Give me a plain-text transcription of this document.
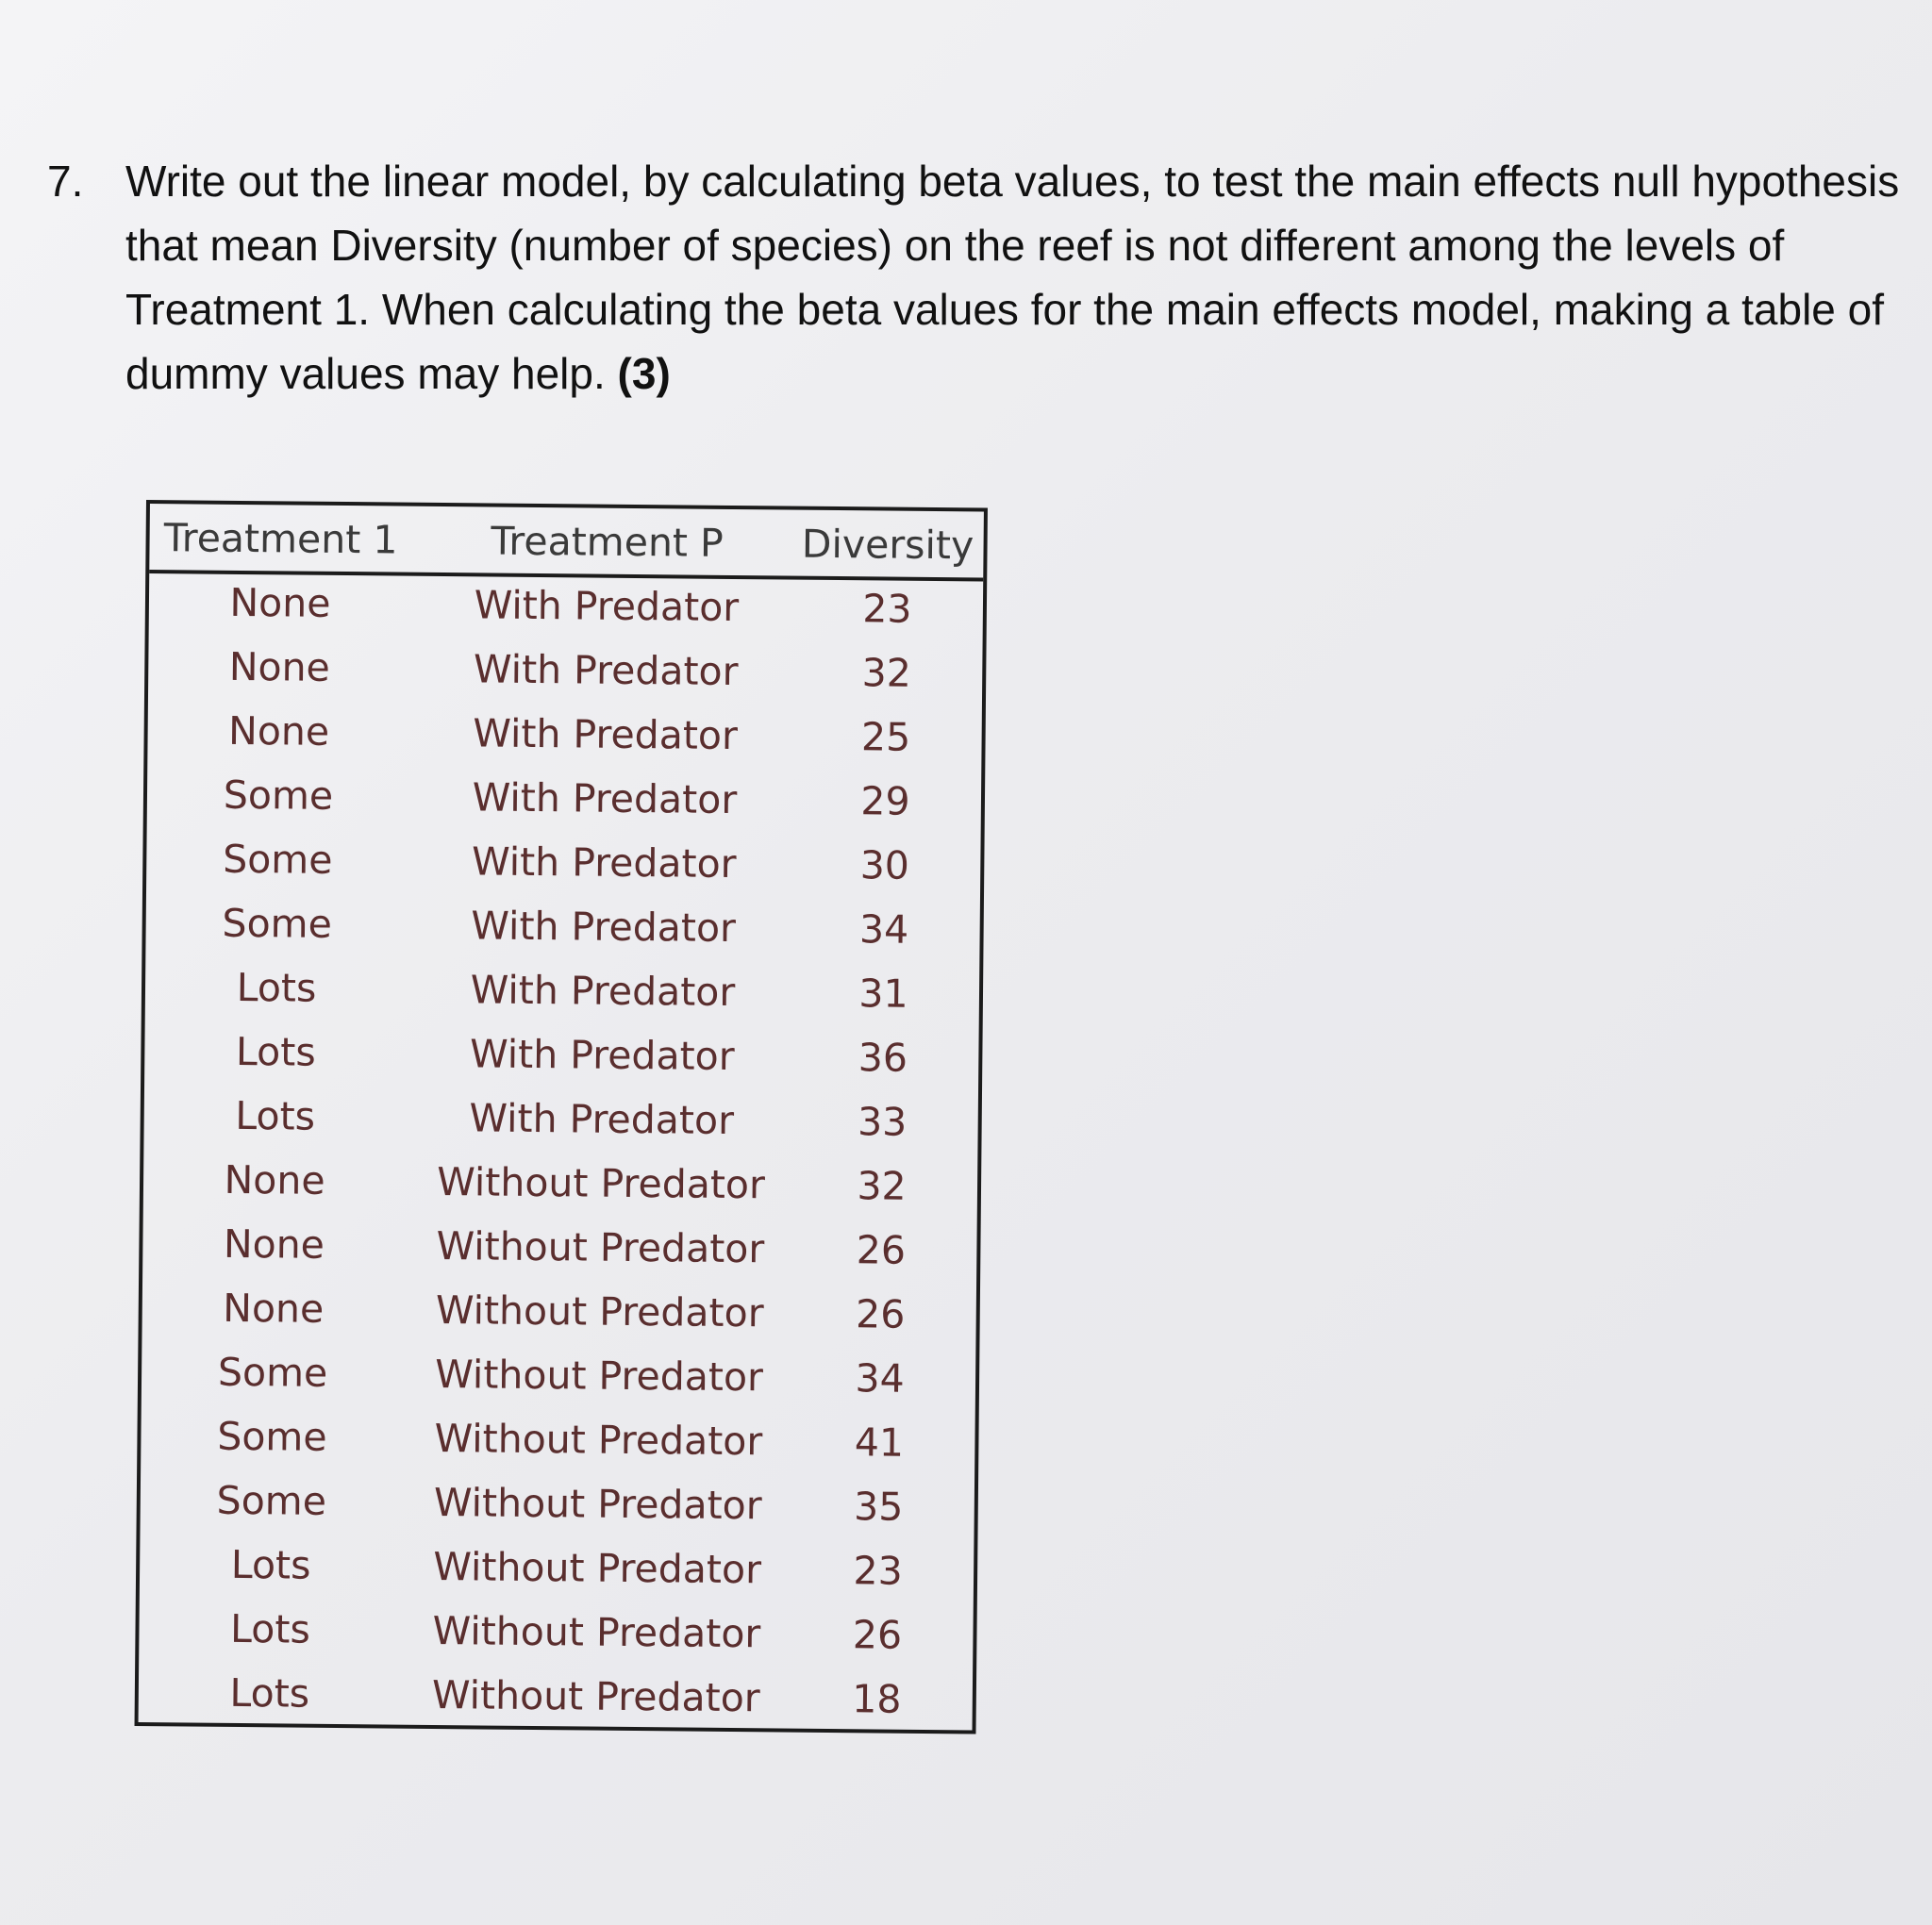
7. Write out the linear model, by calculating beta values, to test the main effects null hypothesis that mean Diversity (number of species) on the reef is not different among the levels of Treatment 1. When calculating the beta values for the main effects model, making a table of dummy values may help. (3)
Treatment 1	Treatment P	Diversity
None	With Predator	23
None	With Predator	32
None	With Predator	25
Some	With Predator	29
Some	With Predator	30
Some	With Predator	34
Lots	With Predator	31
Lots	With Predator	36
Lots	With Predator	33
None	Without Predator	32
None	Without Predator	26
None	Without Predator	26
Some	Without Predator	34
Some	Without Predator	41
Some	Without Predator	35
Lots	Without Predator	23
Lots	Without Predator	26
Lots	Without Predator	18
